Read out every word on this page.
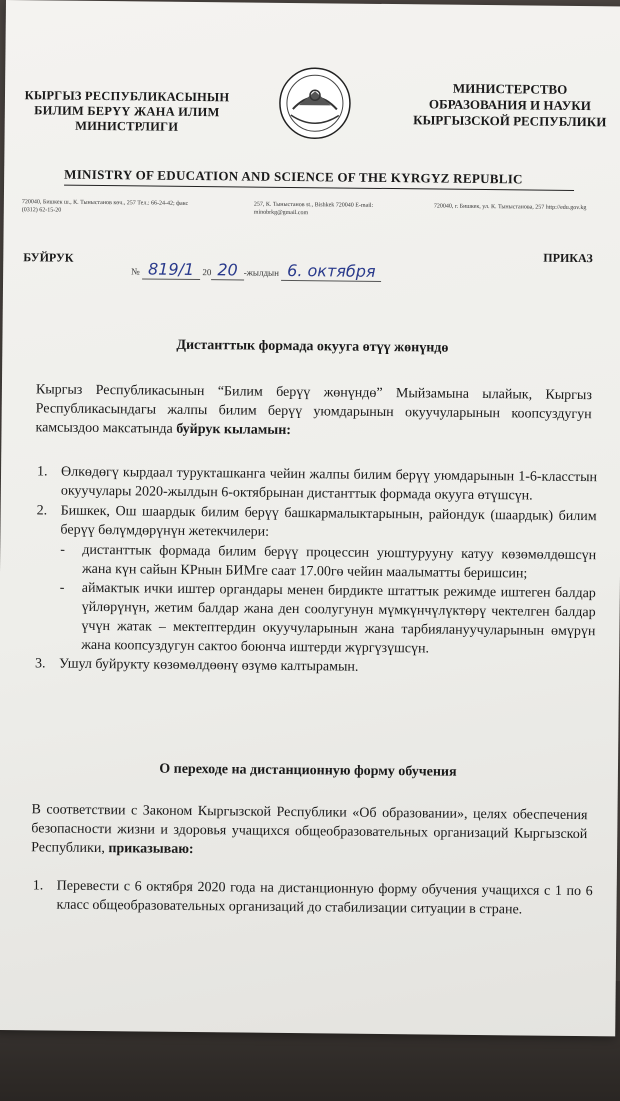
КЫРГЫЗ РЕСПУБЛИКАСЫНЫН
БИЛИМ БЕРҮҮ ЖАНА ИЛИМ
МИНИСТРЛИГИ
МИНИСТЕРСТВО
ОБРАЗОВАНИЯ И НАУКИ
КЫРГЫЗСКОЙ РЕСПУБЛИКИ
MINISTRY OF EDUCATION AND SCIENCE OF THE KYRGYZ REPUBLIC
720040, Бишкек ш., К. Тыныстанов көч., 257 Тел.: 66-24-42; факс (0312) 62-15-20
257, К. Тыныстанов st., Bishkek 720040 E-mail: minobrkg@gmail.com
720040, г. Бишкек, ул. К. Тыныстанова, 257 http://edu.gov.kg
БУЙРУК	ПРИКАЗ
№ 819/1 20 20 -жылдын 6. октября
Дистанттык формада окууга өтүү жөнүндө
Кыргыз Республикасынын “Билим берүү жөнүндө” Мыйзамына ылайык, Кыргыз Республикасындагы жалпы билим берүү уюмдарынын окуучуларынын коопсуздугун камсыздоо максатында буйрук кыламын:
1. Өлкөдөгү кырдаал турукташканга чейин жалпы билим берүү уюмдарынын 1-6-класстын окуучулары 2020-жылдын 6-октябрынан дистанттык формада окууга өтүшсүн.
2. Бишкек, Ош шаардык билим берүү башкармалыктарынын, райондук (шаардык) билим берүү бөлүмдөрүнүн жетекчилери:
-	дистанттык формада билим берүү процессин уюштурууну катуу көзөмөлдөшсүн жана күн сайын КРнын БИМге саат 17.00гө чейин маалыматты беришсин;
-	аймактык ички иштер органдары менен бирдикте штаттык режимде иштеген балдар үйлөрүнүн, жетим балдар жана ден соолугунун мүмкүнчүлүктөрү чектелген балдар үчүн жатак – мектептердин окуучуларынын жана тарбиялануучуларынын өмүрүн жана коопсуздугун сактоо боюнча иштерди жүргүзүшсүн.
3. Ушул буйрукту көзөмөлдөөнү өзүмө калтырамын.
О переходе на дистанционную форму обучения
В соответствии с Законом Кыргызской Республики «Об образовании», целях обеспечения безопасности жизни и здоровья учащихся общеобразовательных организаций Кыргызской Республики, приказываю:
1. Перевести с 6 октября 2020 года на дистанционную форму обучения учащихся с 1 по 6 класс общеобразовательных организаций до стабилизации ситуации в стране.
